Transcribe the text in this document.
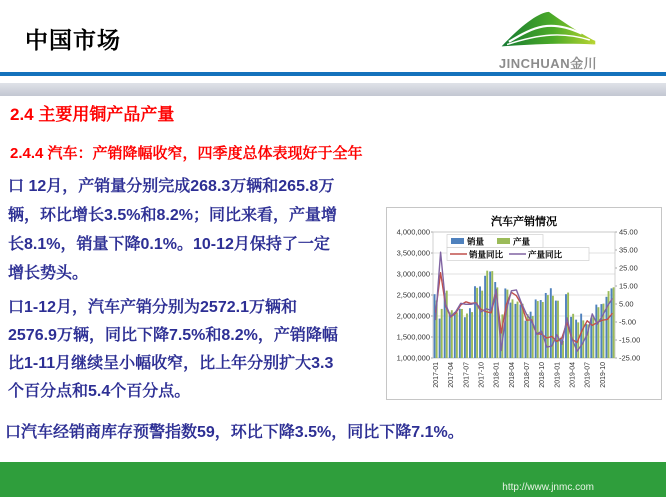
中国市场
JINCHUAN金川
2.4 主要用铜产品产量
2.4.4 汽车：产销降幅收窄，四季度总体表现好于全年
口 12月，产销量分别完成268.3万辆和265.8万
辆，环比增长3.5%和8.2%；同比来看，产量增
长8.1%，销量下降0.1%。10-12月保持了一定
增长势头。
口1-12月，汽车产销分别为2572.1万辆和
2576.9万辆，同比下降7.5%和8.2%，产销降幅
比1-11月继续呈小幅收窄，比上年分别扩大3.3
个百分点和5.4个百分点。
口汽车经销商库存预警指数59，环比下降3.5%，同比下降7.1%。
汽车产销情况
1,000,000
1,500,000
2,000,000
2,500,000
3,000,000
3,500,000
4,000,000
-25.00
-15.00
-5.00
5.00
15.00
25.00
35.00
45.00
2017-01 2017-04 2017-07 2017-10 2018-01 2018-04 2018-07 2018-10 2019-01 2019-04 2019-07 2019-10
销量	产量
销量同比	产量同比
http://www.jnmc.com
